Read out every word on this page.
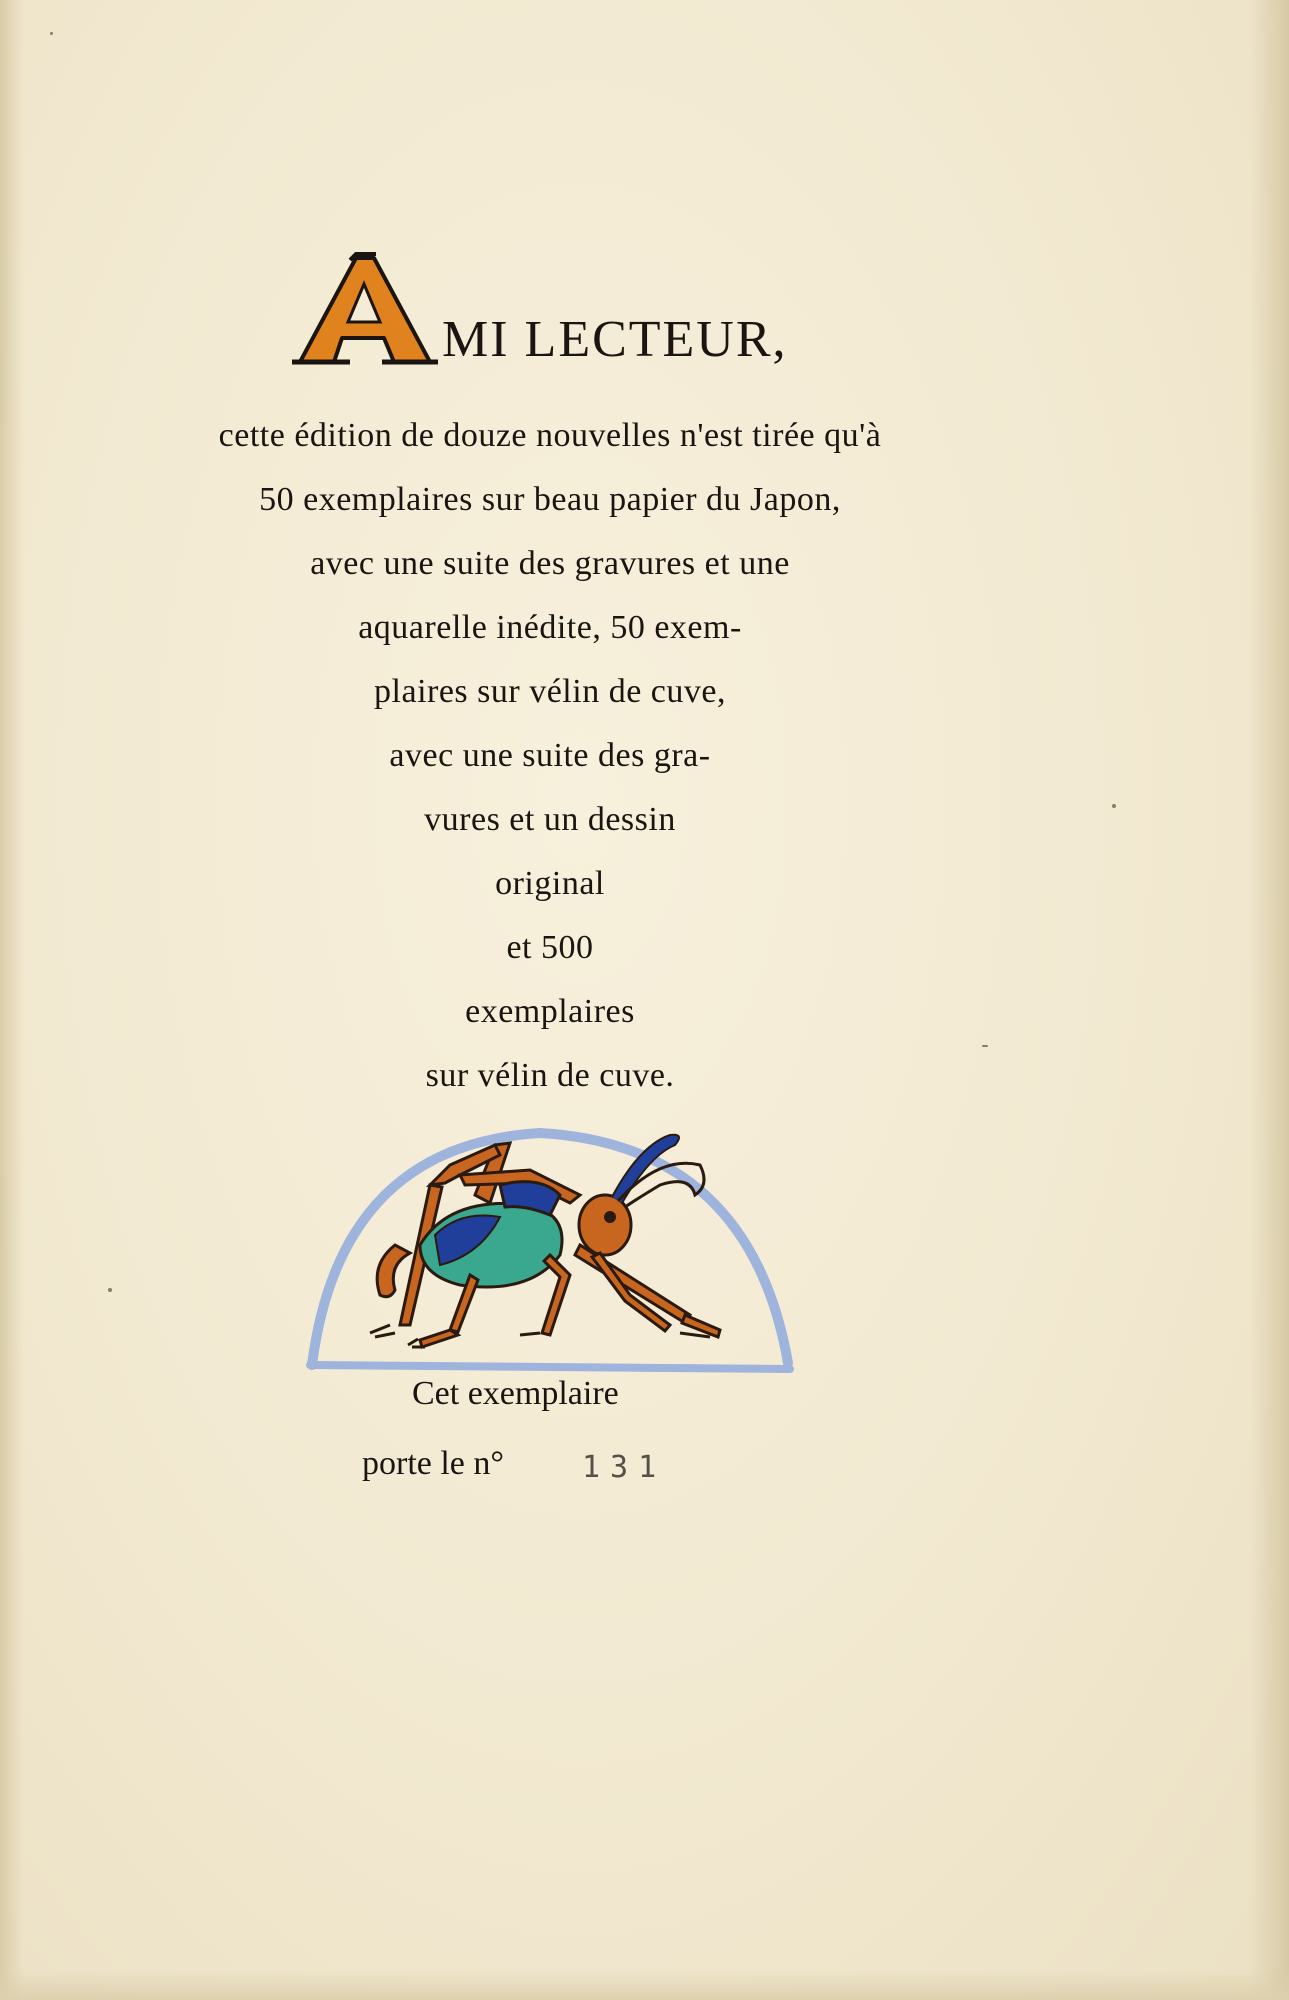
MI LECTEUR,
cette édition de douze nouvelles n'est tirée qu'à
50 exemplaires sur beau papier du Japon,
avec une suite des gravures et une
aquarelle inédite, 50 exem-
plaires sur vélin de cuve,
avec une suite des gra-
vures et un dessin
original
et 500
exemplaires
sur vélin de cuve.
Cet exemplaire
porte le n°	131
